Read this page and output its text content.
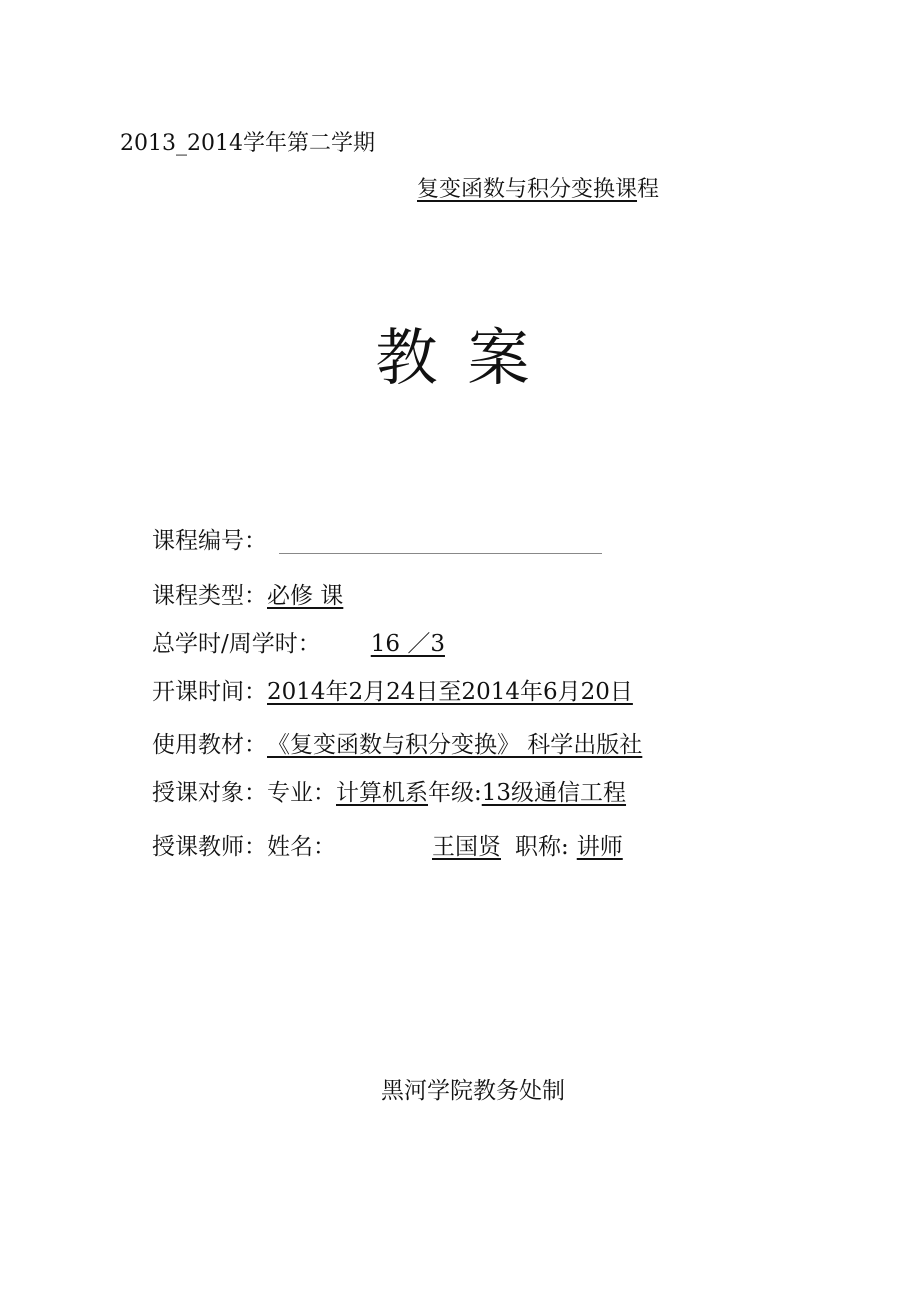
2013_2014学年第二学期
复变函数与积分变换课程
教案
课程编号：
课程类型： 必修 课
总学时/周学时： 16 ／3
开课时间： 2014年2月24日至2014年6月20日
使用教材： 《复变函数与积分变换》 科学出版社
授课对象：专业： 计算机系 年级: 13级通信工程
授课教师：姓名：	王国贤 职称: 讲师
黑河学院教务处制
